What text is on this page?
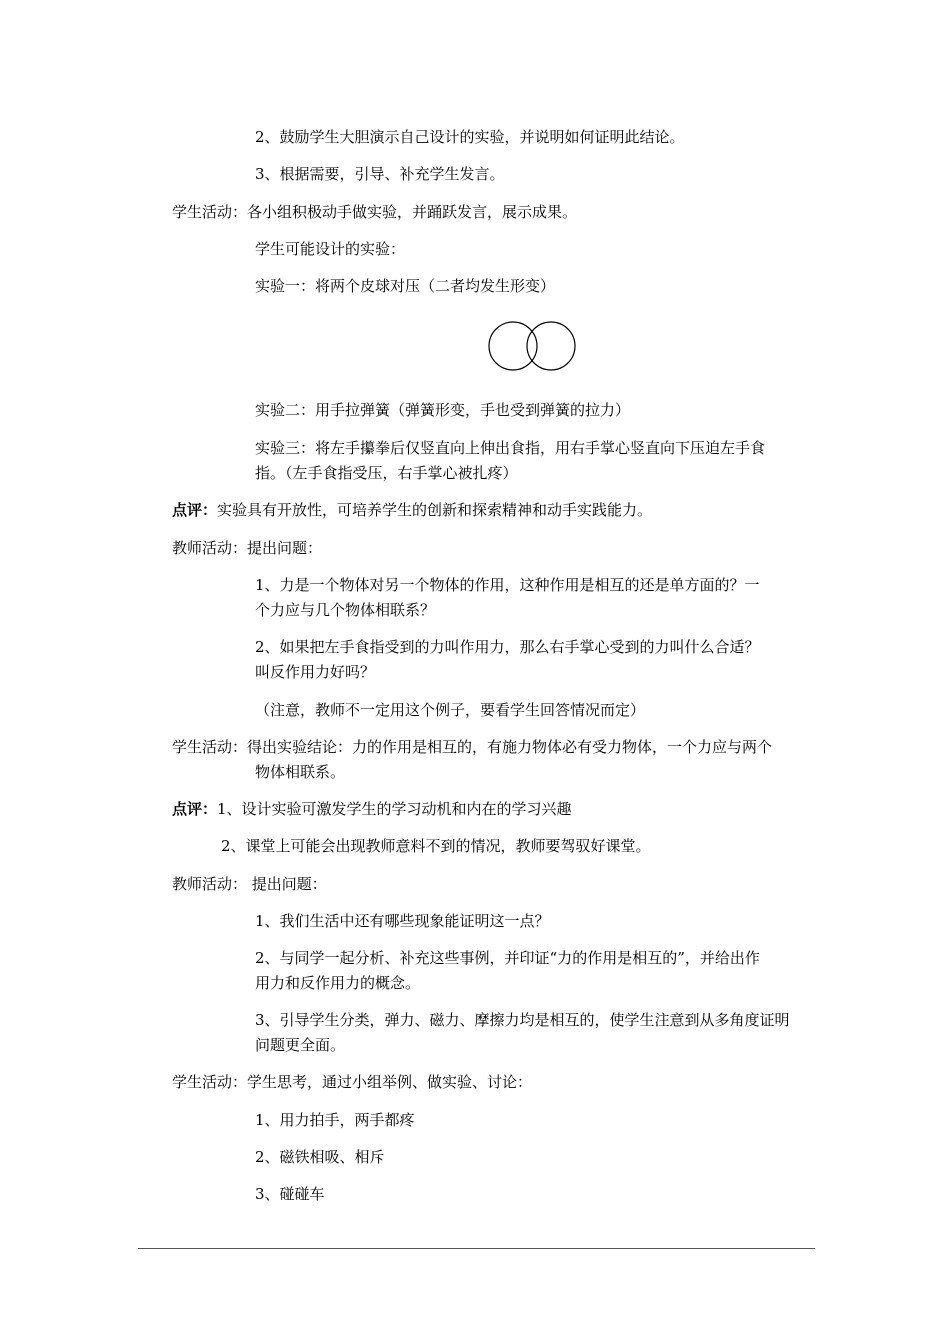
2、鼓励学生大胆演示自己设计的实验，并说明如何证明此结论。
3、根据需要，引导、补充学生发言。
学生活动：各小组积极动手做实验，并踊跃发言，展示成果。
学生可能设计的实验：
实验一：将两个皮球对压（二者均发生形变）
实验二：用手拉弹簧（弹簧形变，手也受到弹簧的拉力）
实验三：将左手攥拳后仅竖直向上伸出食指，用右手掌心竖直向下压迫左手食
指。（左手食指受压，右手掌心被扎疼）
点评：实验具有开放性，可培养学生的创新和探索精神和动手实践能力。
教师活动：提出问题：
1、力是一个物体对另一个物体的作用，这种作用是相互的还是单方面的？一
个力应与几个物体相联系？
2、如果把左手食指受到的力叫作用力，那么右手掌心受到的力叫什么合适？
叫反作用力好吗？
（注意，教师不一定用这个例子，要看学生回答情况而定）
学生活动：得出实验结论：力的作用是相互的，有施力物体必有受力物体，一个力应与两个
物体相联系。
点评：1、设计实验可激发学生的学习动机和内在的学习兴趣
2、课堂上可能会出现教师意料不到的情况，教师要驾驭好课堂。
教师活动： 提出问题：
1、我们生活中还有哪些现象能证明这一点？
2、与同学一起分析、补充这些事例，并印证“力的作用是相互的”，并给出作
用力和反作用力的概念。
3、引导学生分类，弹力、磁力、摩擦力均是相互的，使学生注意到从多角度证明
问题更全面。
学生活动：学生思考，通过小组举例、做实验、讨论：
1、用力拍手，两手都疼
2、磁铁相吸、相斥
3、碰碰车
